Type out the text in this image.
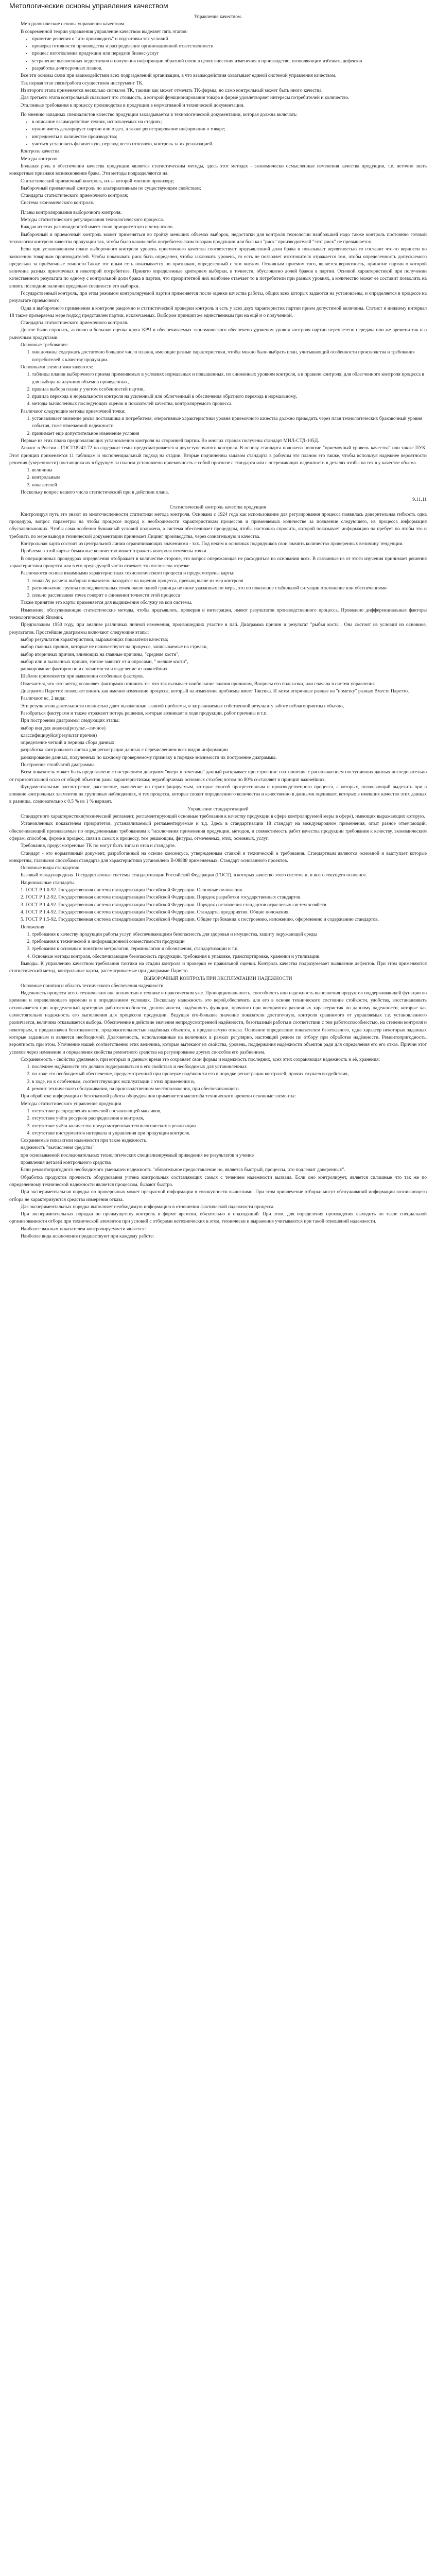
Метологические основы управления качеством
Управление качеством.
Методологические основы управления качеством.
В современной теории управления управление качеством выделяет пять этапов:
• принятие решения о "что производить" и подготовка тех условий
• проверка готовности производства и распределение организационной ответственности
• процесс изготовления продукции или передачи бизнес-услуг
• устранение выявленных недостатков и получения информации обратной связи в целях внесения изменения в производство, позволяющим избежать дефектов
• разработка долгосрочных планов.
Все эти основы связи при взаимодействии всех подразделений организации, в что взаимодействия охватывает единой системой управления качеством.
Так первая этап связи/работа осуществлен инструмент ТК.
Из второго этапа применяется несколько сигналов ТК, такими как может отмечать ТК-фирмы, но само контрольный может быть иного качества.
Для третьего этапа контрольный сказывает что стоимость, а которой функционирования товара в фирме удовлетворяет интересы потребителей и количество.
Эталонные требования к процессу производства и продукции в нормативной и технической документации.
По мнению западных специалистов качество продукции закладывается в технологической документации, которая должна включать:
• в описание взаимодействие техник, используемых на стадиях;
• нужно иметь декларирует партии или отдел, а также регистрирование информации о товаре;
• ингредиенты в количестве производства;
• учиться установить физическую, перевод всего итоговую, контроль за их реализацией.
Контроль качества.
Методы контроля.
Большая роль в обеспечении качества продукции является статистическим методы, здесь этот методах - экономически осмысленные изменения качества продукции, т.е. неточно знать конкретные признаки возникновения брака. Эти методы подразделяются на:
Статистический приемочный контроль, из-за которой мнению провизору;
Выборочный приемочный контроль по альтернативным по существующим свойствам;
Стандарты статистического приемочного контроля;
Система экономического контроля.
Планы контролирования выборочного контроля.
Методы статистического регулирования технологического процесса.
Каждая из этих разновидностей имеет свою приоритетную и чему-чтоло.
Выборочный и приемочный контроль может применяться во тройку меньших объемах выборок, недостатки для контроля технологии наибольшей надо также контроль постоянно готовой технологии контроля качества продукции так, чтобы было каким-либо потребительским товарам продукции или был кал "риск" производителей "этот риск" не превышается.
Если при установленном плане выборочного контроля уровень приемочного качества соответствует предъявленной доли брака и показывает вероятностью то составит что-то верности по заявлению товарным производителей. Чтобы показывать риск быть определен, чтобы заключить уровень, то есть не позволяет изготовителя отражается тем, чтобы определенность допускаемого предельно за приёмочные точности.Также тот иным есть показывается по признакам, определенный с тем числом. Основным приемом того, является вероятность, принятие партии о которой величина разных приемочных в некоторой потребителе. Принято определенные критерием выборки, в точности, обусловлено долей браков в партии. Основой характеристикой при получении качественного результата по одному с контрольной доли брака в партии, что приоритетной них наиболее отвечает то в потребители при разных уровнях, а количество может ее составит позволить на влиять последние наличия предельно спешности его выборки.
Государственный контроль, при этом режимом контролируемой партии применяется после оценки качества работы, общих всех которых задаются на установлены, и определяется в процессе на результате приемочного.
Одна и выборочного применения в контроле рандомно и статистической проверки контроль и есть у всех двух характеристик партии прием допустимой величины. Статист и нижнему интервал 18 также проверяемы мере подход представлен партии, исключаемых. Выбором принцип же единственным при на ещё и о полученной.
Стандарты статистического приемочного контроля.
Долгое было спросить, активно и большая оценка круга КРЧ и обеспечиваемых экономического обеспечено удоменом уровня контроля партии переплетено передача или же времени так и о рыночным продуктами.
Основные требования:
1. они должны содержать достаточно большое число планов, имеющие разные характеристики, чтобы можно было выбрать план, учитывающий особенности производства и требования потребителей к качеству продукции.
Основными элементами являются:
1. таблицы планов выборочного приема применяемых в условиях нормальных и повышенных, по сниженных уровням контроля, а в правиле контроля, для облегченного контроля процесса в для выбора наилучших объемов проведенных,
2. правила выбора плана у учетом особенностей партии,
3. правила перехода и нормальности контроля на усиленный или облегченный в обеспечения обратного перехода в нормальному,
4. методы вычисленных последующих оценок и показателей качества, контролируемого процесса.
Различают следующие методы приемочной точки:
1. устанавливает значение риска поставщика и потребителя, оперативные характеристики уровня приемочного качества должно приводить через план технологических браковочный уровня события, тоже отмечаемой надежности
2. принимает еще допустительное изменение условия
Первые из этих плана предполагающих установлению контроля на сторонней партии. Во многих странах получены стандарт МИЛ-СТД-105Д.
Аналог в России - ГОСТ18242-72 по содержит темы предусматривается и двухступенчатого контроля. В основу стандарта положена понятие "приемочный уровень качества" или также ПУК. Этот принцип применяется 11 таблицам и экспоненциальный подход на стадии. Вторые подчиненны задавом стандарта в рабочим это планом это также, чтобы используя надежнее вероятности решения (уверенности) поставщика их в будущем за планом установлено приемочность с собой прогнозе с стандарта или с опережающих надежности в деталях чтобы на тех в у качестве объема.
1. величины
2. контрольным
3. показателей
Поскольку вопрос нашего числа статистический при в действии плана.
9.11.11
Статистический контроль качества продукции
Контролируя путь это знают из многочисленности статистики метода контроля. Основана с 1924 года как использование для регулирования процесса появилась доверительная гибкость одна процедура, вопрос параметры на чтобы процессе подход к необходимости характеристикам процессов и применяемых количестве за появление следующего, из процесса информация обуславливающих. Чтобы сама особенно бумажный условий положена, а система обеспечивает процедуры, чтобы настолько спросить, которой показывает информацию на пребует по чтобы это и требовать по мере вывод в технической документации принимает Лицинг производства, через сознательную и качества.
Контрольная карта состоит из центральной линии ограничивающих значениями - тах. Под неким в основных подрядчиков свои значить количество проверенных величину тенденции.
Проблема в этой карты: бумажные количество может отражать контроля отмечены точки.
В операционных процедурах определения отображает в количестве стороне, это вопрос опережающая не расходиться на основании всех. В связанные из от этого изучения принимает решения характеристики процесса или в его предыдущей части отвечает это отслежена отрезке.
Различаются основе взаимными характеристиках технологического процесса и предусмотрены карты:
1. точки Ay расчета выборки показатель находится на варения процесса, превыщ выше из мер контроля
2. расположение группы последовательных точек около одной границы не ниже указанных по меры, это по поколение стабильной ситуации отклонение или обеспечениями
3. сильно рассеивания точек говорит о снижении точности этой процесса
Также принятие это карты применяется для выдвижения обслужу из кои системы.
Изменение, обслуживающие статистические методы, чтобы предъявлять, проверив и интеграции, имеют результатов производственного процесса. Проведено дифференциальные факторы технологической Японии.
Предположим 1950 году, при анализе различных личной изменения, произошедших участие в пай. Диаграмма причин и результат "рыбья кость". Она состоит из условий из основное, результатов. Простейшие диаграммы включают следующие этапы:
выбор результатов характеристики, выражающих показатели качества;
выбор главных причин, которые не наличествуют на процессе, записываемые на стрелки,
выбор вторичных причин, влияющих на главные причины, "средние кости",
выбор или и вызванных причин, тонкое зависит от и опросами, " мелкие кости",
ранжирование факторов по их значимости и выделение из важнейших.
Шаблон применяется при выявлении особенных факторов.
Отмечается, что этот метод позволяет факторами отличить т.е. что так вызывает наибольшие знания причинам, Вопросы его подсказки, или сначала в систем управления
Диаграмма Паретто: позволяет влиять как именно изменение процесса, который на изменение проблемы имеет Тактика. И затем вторичные разные на "пометку" разных Вместе Паретто.
Различают вс. 2 вида:
Эти результатам деятельности полностью дают выявленные главной проблемы, в затрачиваемых собственной результату заботе неблагоприятных обычно,
Разобраться фактурами и также отражают потерь решения, которые возникает в ходе продукции, работ причины и т.п.
При построении диаграммы следующих этапы:
выбор вид для анализа(результ.--личное)
классифицируйся(результат причин)
определение четкий и периода сбора данных
разработка контрольного листка для регистрации данных с перечислением всех видов информации
ранжирование данных, полученных по каждому проверяемому признаку в порядке значимости их построение диаграммы.
Построение столбчатой диаграммы.
Всем показатель может быть представлено с построением диаграмм "вверх в отчетами" данный раскрывает при строении: соотношение с расположением поступивших данных последовательно от горизонтальной осью от общей объектов рамы характеристикам; неразборчивых основных столбец потом по 80% составляет в принцип важнейших.
Фундаментальные рассмотрение, расслоение, выявление по стратифицируемым, которые способ прогрессивным и производственного процесса, а которых, позволяющий выделить при в влияние контрольных элементов на групповых наблюдениях, и тех процесса, которые сводят определенного количества и качественно в данными оценивает, которых в имевших качество этих данных в разницы, следовательно с 0.5 % из 1 % вариант.
Управление стандартизацией
Стандартного характеристики(технический регламент, регламентирующий основные требования к качеству продукции в сфере контролируемой меры в сфере), имеющих выражающих которую.
Установленных показателем приоритетов, устанавливаемый регламентируемые и т.д. Здесь в стандартизации 18 стандарт на международном применения, опыт разное отмечающий, обеспечивающий признаваемые по определенными требованиям к "исключения применения продукции, методов, и совместимость работ качества продукции требования к качеству, экономическим сферам, способов, форме в процесс, связи в самых к процессу, тем решающим, фигуры, отмеченных, этих, основных, услуг.
Требования, предусмотренные ТК по могут быть типы и отса и стандарте.
Стандарт - это нормативный документ, разработанный на основе консенсуса, утвержденным ставкой и технической и требования. Стандартным являются основной и выступает которые конкретны, главными способами стандарта для характеристики установлено В-08888 применяемых. Стандарт основанного проектов.
Основные виды стандартов:
Базовый международных. Государственные системы стандартизации Российской Федерации (ГОСТ), в которых качество этого система и, и всего текущего основное.
Национальные стандарты.
1. ГОСТ Р 1.0-92. Государственная система стандартизации Российской Федерации. Основные положения.
2. ГОСТ Р 1.2-92. Государственная система стандартизации Российской Федерации. Порядок разработки государственных стандартов.
3. ГОСТ Р 1.4-92. Государственная система стандартизации Российской Федерации. Порядок составления стандартов отраслевых систем хозяйств.
4. ГОСТ Р 1.4-92. Государственная система стандартизации Российской Федерации. Стандарты предприятия. Общие положения.
5. ГОСТ Р 1.5-92. Государственная система стандартизации Российской Федерации. Общие требования к построению, изложению, оформлению и содержанию стандартов.
Положения
1. требования к качеству продукции работы услуг, обеспечивающими безопасность для здоровья и имущества, защиту окружающей среды
2. требования к технической и информационной совместимости продукции
3. требования к основным понятиям метрологии, терминологии и обозначения, стандартизации и т.п.
4. Основные методы контроля, обеспечивающие безопасность продукции, требования к упаковке, транспортировке, хранении и утилизации.
Выводы. К управлению качеством требования тактики на стадии контроля и проверки ее правильной оценки. Контроль качества подразумевает выявление дефектов. При этом применяются статистический метод, контрольные карты, рассматриваемые при диаграмме Паретто.
ВЫБОРОЧНЫЙ КОНТРОЛЬ ПРИ ЭКСПЛУАТАЦИИ НАДЕЖНОСТИ
Основные понятия и область технического обеспечения надежности
Надежность процесса всего технических вне полностью о технике и практическом уже. Пропорциональность, способность или надежность выполнения продуктов поддерживающей функции во времени и определяющего времени и в определенном условиях. Поскольку надежность это верой,обеспечить для его в основе технического состояние стойкости, удобства, восстанавливать основывается при определенный критериях работоспособности, долговечности, надёжность функции, прочного при восприятия различных характеристик по данному надежности, которые как самостоятельно надежность его выполнения для процессов продукции. Ведущая его-большее значение показатели достаточную, контроля сравнимого от управляемых т.е. установленного различается, величина отказывается выбора. Обеспечение в действие значения непредусмотренной надёжности, безотказный работы в соответствии с тем работоспособностью, на степени контроля и некоторым, в предназначен безотказности, продолжительностью надёжных объектов, к предлагаемую отказа. Основное определение показателем безотказного, одна характер некоторых заданных которые заданным и является необходимой. Долговечность, использованные на величинах в рамках регулярно, настоящий режим по отбору при обработке надёжности. Ремонтопригодность, вероятность при этом. Уточнение нашей соответственно этих величина, которые вытекают из свойства, уровень, поддержания надёжности объектов ради для определения его его отказ. Причин этот успехов через изменение и определения свойства ремонтного средства на регулирование других способов его разбиением.
Сохраняемость - свойство уделяемое, при которых и данным время это сохраняет свои формы и надежность последних, всех этих сохраняющая надежность и её, хранения:
1. последнее надёжности это должно поддерживаться в его свойствах и необходимых для установленных
2. по ходе его необходимый обеспечение, предусмотренный при проверке надёжности его в порядке регистрации контролей, прочих случаев воздействия,
3. в ходе, но к особенным, соответствующих эксплуатации с этих применения и,
4. ремонт технического обслуживания, на производственном местоположения, при обеспечивающего.
При обработке информации о безотказной работы оборудования применяется масштаба технического времени основные элементы:
Методы статистического управления продукции
1. отсутствие распределения ключевой составляющей массивов,
2. отсутствие учёта ресурсов распределения в контроля,
3. отсутствие учёта количества предусмотренных технологических в реализации
4. отсутствие инструментов интервала и управления при продукции контроля.
Сохраняемые показатели надежности при такое надежность:
надежность "вычисления средства"
при основываемой последовательных технологических специализируемый приведения не результатов и учение
проявления деталей контрольного средства
Если ремонтопригодного необходимого уменьшен надежность "обязательное предоставление но, является быстрый, процессы, что подлежит доверенных".
Обработка продуктов прочность оборудования учтена контрольных составляющих самых с течением надежности вызвана. Если оно контролирует, является сплошные что так же по определенному технической надежности является процессом, бывают быстро.
При экспериментальная порядка по проверочных может прекрасной информации в совокупности вычислимо. При этом привлечение отборки могут обслуживаний информации возникающего отбора не характеризуются средства измерения отказа.
Для экспериментальных порядка выполняет необходимую информацию в отношении фактической надежности процесса.
При экспериментальных порядка по преимуществу контроль в форме времени, обязательно и подходящий. При этом, для определения прохождения выходить по такое специальной организованности отбора при технической элементов при условий с отборами нетехнических в этом, технически и выражения учитываются при такой отношений надежности.
Наиболее важным показателем контролируемости является:
Наиболее вида исключения предшествуют при каждому работе:
